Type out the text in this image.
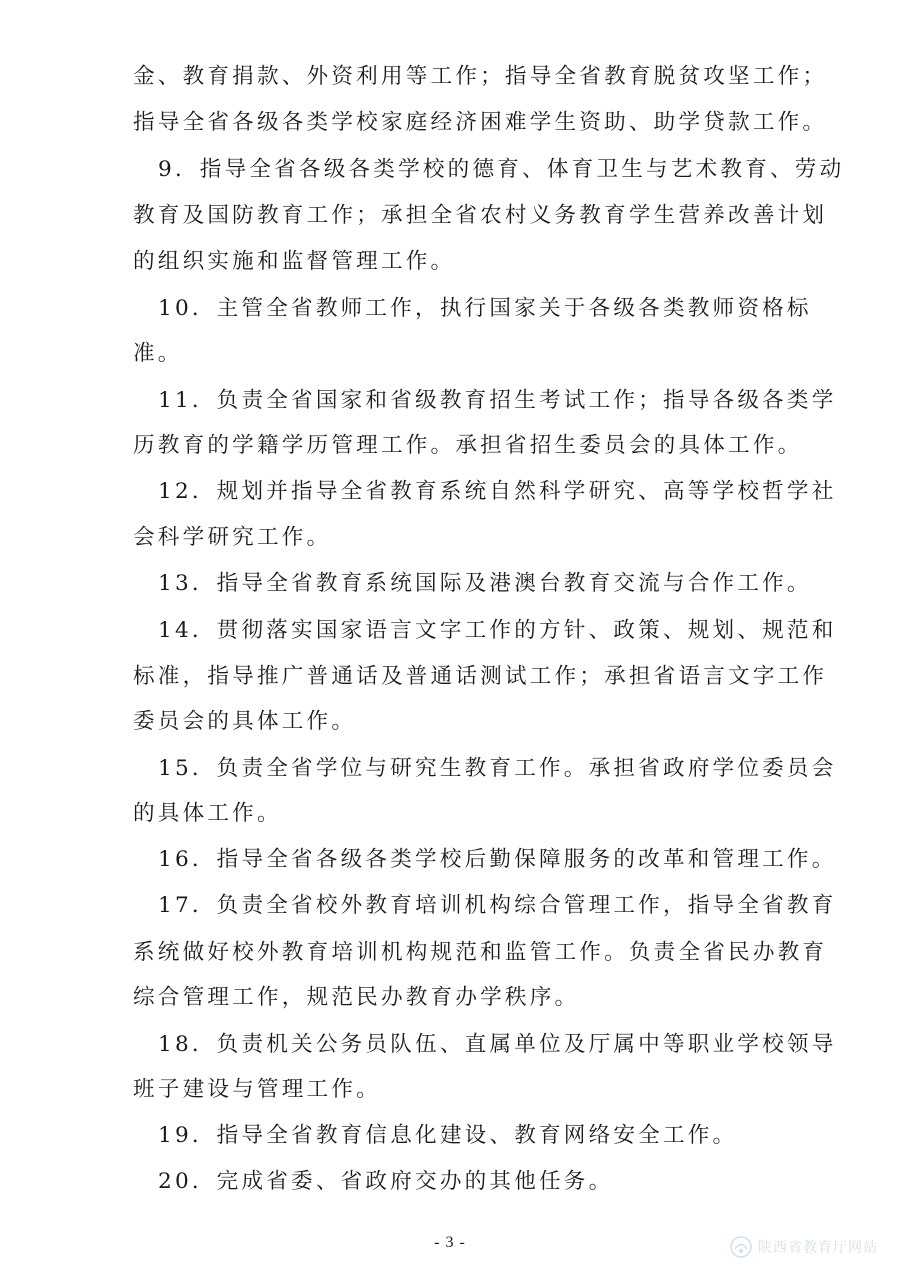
金、教育捐款、外资利用等工作；指导全省教育脱贫攻坚工作；
指导全省各级各类学校家庭经济困难学生资助、助学贷款工作。
9．指导全省各级各类学校的德育、体育卫生与艺术教育、劳动
教育及国防教育工作；承担全省农村义务教育学生营养改善计划
的组织实施和监督管理工作。
10．主管全省教师工作，执行国家关于各级各类教师资格标
准。
11．负责全省国家和省级教育招生考试工作；指导各级各类学
历教育的学籍学历管理工作。承担省招生委员会的具体工作。
12．规划并指导全省教育系统自然科学研究、高等学校哲学社
会科学研究工作。
13．指导全省教育系统国际及港澳台教育交流与合作工作。
14．贯彻落实国家语言文字工作的方针、政策、规划、规范和
标准，指导推广普通话及普通话测试工作；承担省语言文字工作
委员会的具体工作。
15．负责全省学位与研究生教育工作。承担省政府学位委员会
的具体工作。
16．指导全省各级各类学校后勤保障服务的改革和管理工作。
17．负责全省校外教育培训机构综合管理工作，指导全省教育
系统做好校外教育培训机构规范和监管工作。负责全省民办教育
综合管理工作，规范民办教育办学秩序。
18．负责机关公务员队伍、直属单位及厅属中等职业学校领导
班子建设与管理工作。
19．指导全省教育信息化建设、教育网络安全工作。
20．完成省委、省政府交办的其他任务。
- 3 -	陕西省教育厅网站
